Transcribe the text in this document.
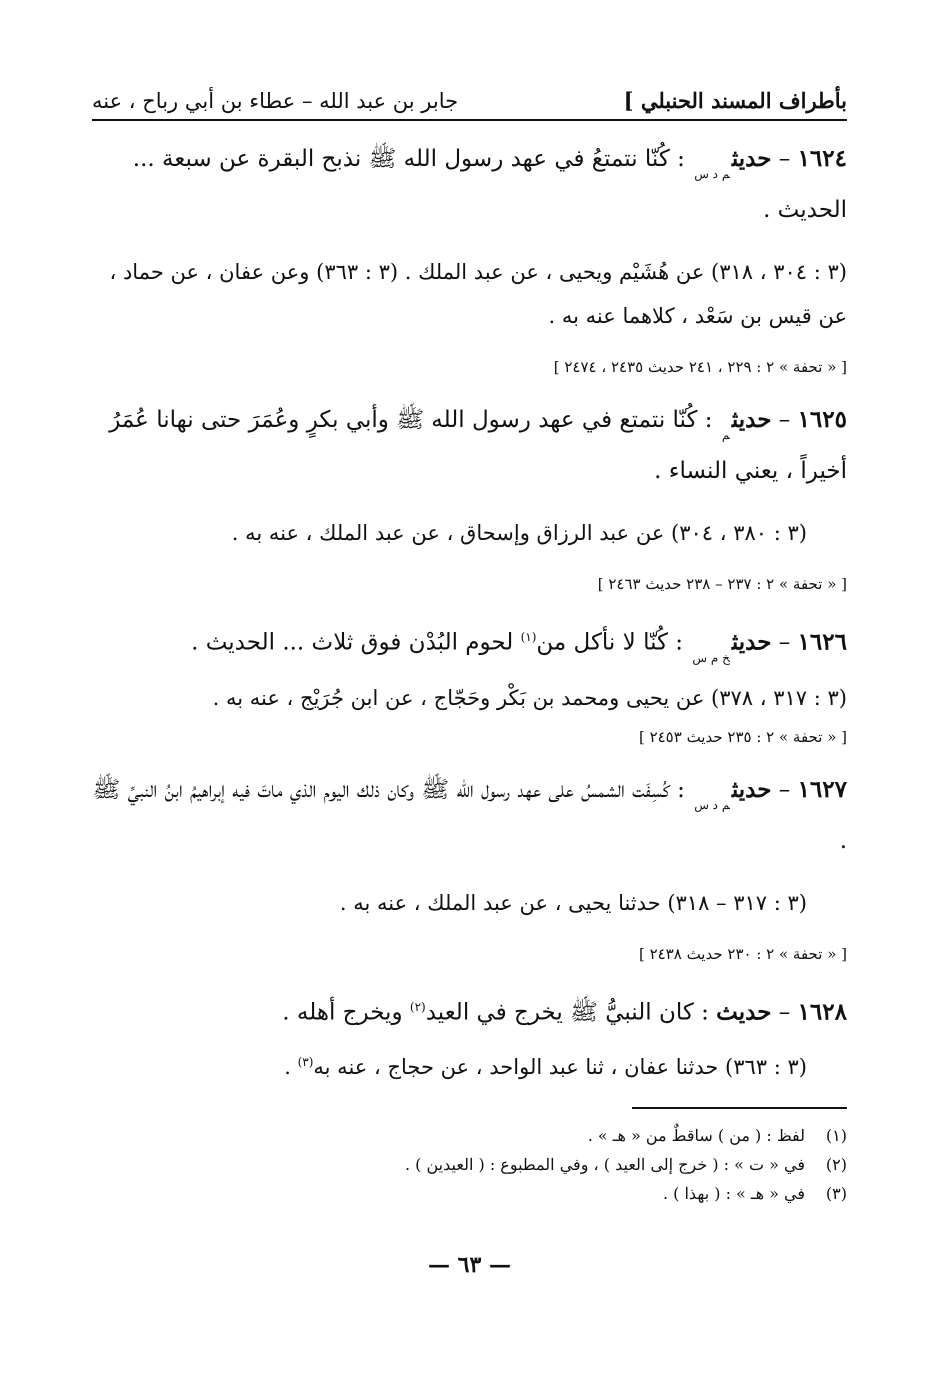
بأطراف المسند الحنبلي ]
جابر بن عبد الله – عطاء بن أبي رباح ، عنه
١٦٢٤ – حديث$_{م د س}$ : كُنّا نتمتعُ في عهد رسول الله ﷺ نذبح البقرة عن سبعة ... الحديث .
(٣ : ٣٠٤ ، ٣١٨) عن هُشَيْم ويحيى ، عن عبد الملك . (٣ : ٣٦٣) وعن عفان ، عن حماد ، عن قيس بن سَعْد ، كلاهما عنه به .
[ « تحفة » ٢ : ٢٢٩ ، ٢٤١ حديث ٢٤٣٥ ، ٢٤٧٤ ]
١٦٢٥ – حديث$_م$ : كُنّا نتمتع في عهد رسول الله ﷺ وأبي بكرٍ وعُمَرَ حتى نهانا عُمَرُ أخيراً ، يعني النساء .
(٣ : ٣٨٠ ، ٣٠٤) عن عبد الرزاق وإسحاق ، عن عبد الملك ، عنه به .
[ « تحفة » ٢ : ٢٣٧ – ٢٣٨ حديث ٢٤٦٣ ]
١٦٢٦ – حديث$_{خ م س}$ : كُنّا لا نأكل من$^{(١)}$ لحوم البُدْن فوق ثلاث ... الحديث .
(٣ : ٣١٧ ، ٣٧٨) عن يحيى ومحمد بن بَكْر وحَجّاج ، عن ابن جُرَيْج ، عنه به .
[ « تحفة » ٢ : ٢٣٥ حديث ٢٤٥٣ ]
١٦٢٧ – حديث$_{م د س}$ : كُسِفَت الشمسُ على عهد رسول الله ﷺ وكان ذلك اليوم الذي ماتَ فيه إبراهيمُ ابنُ النبيِّ ﷺ .
(٣ : ٣١٧ – ٣١٨) حدثنا يحيى ، عن عبد الملك ، عنه به .
[ « تحفة » ٢ : ٢٣٠ حديث ٢٤٣٨ ]
١٦٢٨ – حديث : كان النبيُّ ﷺ يخرج في العيد$^{(٢)}$ ويخرج أهله .
(٣ : ٣٦٣) حدثنا عفان ، ثنا عبد الواحد ، عن حجاج ، عنه به$^{(٣)}$ .
(١)
لفظ : ( من ) ساقطٌ من « هـ » .
(٢)
في « ت » : ( خرج إلى العيد ) ، وفي المطبوع : ( العيدين ) .
(٣)
في « هـ » : ( بهذا ) .
— ٦٣ —
